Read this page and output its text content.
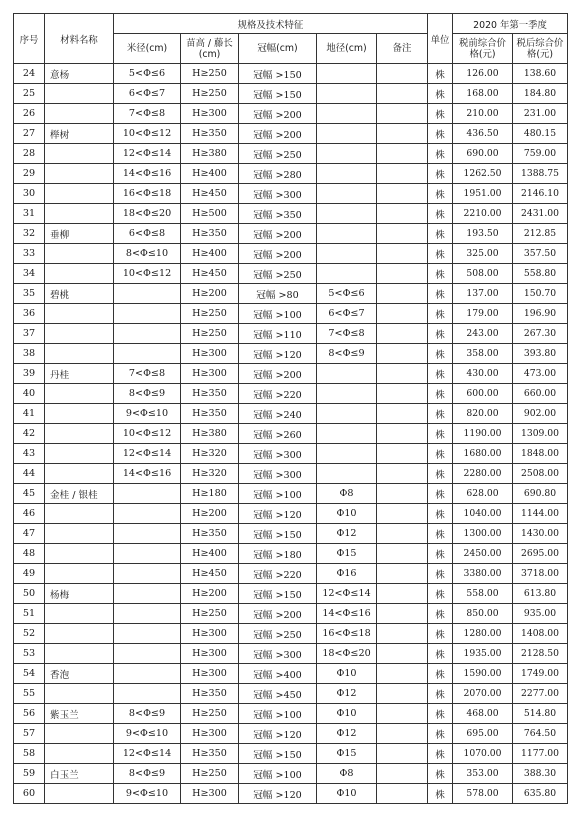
序号	材料名称	规格及技术特征					单位	2020 年第一季度	
		米径(cm)	苗高 / 藤长 (cm)	冠幅(cm)	地径(cm)	备注		税前综合价 格(元)	税后综合价 格(元)
24	意杨	5<Φ≤6	H≥250	冠幅 >150			株	126.00	138.60
25		6<Φ≤7	H≥250	冠幅 >150			株	168.00	184.80
26		7<Φ≤8	H≥300	冠幅 >200			株	210.00	231.00
27	榉树	10<Φ≤12	H≥350	冠幅 >200			株	436.50	480.15
28		12<Φ≤14	H≥380	冠幅 >250			株	690.00	759.00
29		14<Φ≤16	H≥400	冠幅 >280			株	1262.50	1388.75
30		16<Φ≤18	H≥450	冠幅 >300			株	1951.00	2146.10
31		18<Φ≤20	H≥500	冠幅 >350			株	2210.00	2431.00
32	垂柳	6<Φ≤8	H≥350	冠幅 >200			株	193.50	212.85
33		8<Φ≤10	H≥400	冠幅 >200			株	325.00	357.50
34		10<Φ≤12	H≥450	冠幅 >250			株	508.00	558.80
35	碧桃		H≥200	冠幅 >80	5<Φ≤6		株	137.00	150.70
36			H≥250	冠幅 >100	6<Φ≤7		株	179.00	196.90
37			H≥250	冠幅 >110	7<Φ≤8		株	243.00	267.30
38			H≥300	冠幅 >120	8<Φ≤9		株	358.00	393.80
39	丹桂	7<Φ≤8	H≥300	冠幅 >200			株	430.00	473.00
40		8<Φ≤9	H≥350	冠幅 >220			株	600.00	660.00
41		9<Φ≤10	H≥350	冠幅 >240			株	820.00	902.00
42		10<Φ≤12	H≥380	冠幅 >260			株	1190.00	1309.00
43		12<Φ≤14	H≥320	冠幅 >300			株	1680.00	1848.00
44		14<Φ≤16	H≥320	冠幅 >300			株	2280.00	2508.00
45	金桂 / 银桂		H≥180	冠幅 >100	Φ8		株	628.00	690.80
46			H≥200	冠幅 >120	Φ10		株	1040.00	1144.00
47			H≥350	冠幅 >150	Φ12		株	1300.00	1430.00
48			H≥400	冠幅 >180	Φ15		株	2450.00	2695.00
49			H≥450	冠幅 >220	Φ16		株	3380.00	3718.00
50	杨梅		H≥200	冠幅 >150	12<Φ≤14		株	558.00	613.80
51			H≥250	冠幅 >200	14<Φ≤16		株	850.00	935.00
52			H≥300	冠幅 >250	16<Φ≤18		株	1280.00	1408.00
53			H≥300	冠幅 >300	18<Φ≤20		株	1935.00	2128.50
54	香泡		H≥300	冠幅 >400	Φ10		株	1590.00	1749.00
55			H≥350	冠幅 >450	Φ12		株	2070.00	2277.00
56	紫玉兰	8<Φ≤9	H≥250	冠幅 >100	Φ10		株	468.00	514.80
57		9<Φ≤10	H≥300	冠幅 >120	Φ12		株	695.00	764.50
58		12<Φ≤14	H≥350	冠幅 >150	Φ15		株	1070.00	1177.00
59	白玉兰	8<Φ≤9	H≥250	冠幅 >100	Φ8		株	353.00	388.30
60		9<Φ≤10	H≥300	冠幅 >120	Φ10		株	578.00	635.80
